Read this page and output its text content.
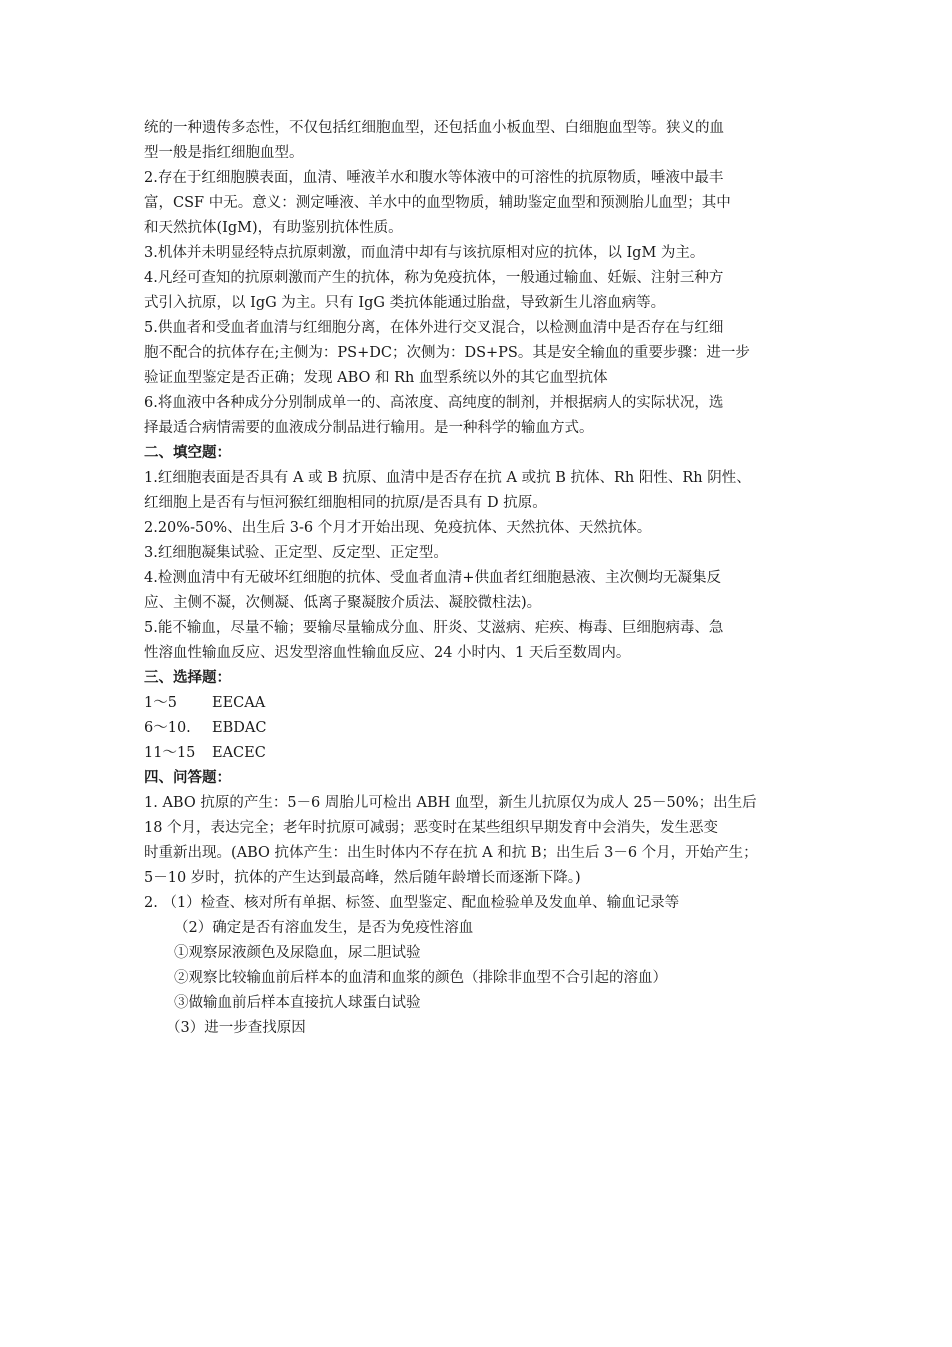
统的一种遗传多态性，不仅包括红细胞血型，还包括血小板血型、白细胞血型等。狭义的血
型一般是指红细胞血型。
2.存在于红细胞膜表面，血清、唾液羊水和腹水等体液中的可溶性的抗原物质，唾液中最丰
富，CSF 中无。意义：测定唾液、羊水中的血型物质，辅助鉴定血型和预测胎儿血型；其中
和天然抗体(IgM)，有助鉴别抗体性质。
3.机体并未明显经特点抗原刺激，而血清中却有与该抗原相对应的抗体，以 IgM 为主。
4.凡经可查知的抗原刺激而产生的抗体，称为免疫抗体，一般通过输血、妊娠、注射三种方
式引入抗原，以 IgG 为主。只有 IgG 类抗体能通过胎盘，导致新生儿溶血病等。
5.供血者和受血者血清与红细胞分离，在体外进行交叉混合，以检测血清中是否存在与红细
胞不配合的抗体存在;主侧为：PS+DC；次侧为：DS+PS。其是安全输血的重要步骤：进一步
验证血型鉴定是否正确；发现 ABO 和 Rh 血型系统以外的其它血型抗体
6.将血液中各种成分分别制成单一的、高浓度、高纯度的制剂，并根据病人的实际状况，选
择最适合病情需要的血液成分制品进行输用。是一种科学的输血方式。
二、填空题：
1.红细胞表面是否具有 A 或 B 抗原、血清中是否存在抗 A 或抗 B 抗体、Rh 阳性、Rh 阴性、
红细胞上是否有与恒河猴红细胞相同的抗原/是否具有 D 抗原。
2.20%-50%、出生后 3-6 个月才开始出现、免疫抗体、天然抗体、天然抗体。
3.红细胞凝集试验、正定型、反定型、正定型。
4.检测血清中有无破坏红细胞的抗体、受血者血清+供血者红细胞悬液、主次侧均无凝集反
应、主侧不凝，次侧凝、低离子聚凝胺介质法、凝胶微柱法)。
5.能不输血，尽量不输；要输尽量输成分血、肝炎、艾滋病、疟疾、梅毒、巨细胞病毒、急
性溶血性输血反应、迟发型溶血性输血反应、24 小时内、1 天后至数周内。
三、选择题：
1～5	EECAA
6～10.	EBDAC
11～15	EACEC
四、问答题：
1. ABO 抗原的产生：5－6 周胎儿可检出 ABH 血型，新生儿抗原仅为成人 25－50%；出生后
18 个月，表达完全；老年时抗原可减弱；恶变时在某些组织早期发育中会消失，发生恶变
时重新出现。(ABO 抗体产生：出生时体内不存在抗 A 和抗 B；出生后 3－6 个月，开始产生；
5－10 岁时，抗体的产生达到最高峰，然后随年龄增长而逐渐下降。)
2. （1）检查、核对所有单据、标签、血型鉴定、配血检验单及发血单、输血记录等
（2）确定是否有溶血发生，是否为免疫性溶血
①观察尿液颜色及尿隐血，尿二胆试验
②观察比较输血前后样本的血清和血浆的颜色（排除非血型不合引起的溶血）
③做输血前后样本直接抗人球蛋白试验
（3）进一步查找原因
